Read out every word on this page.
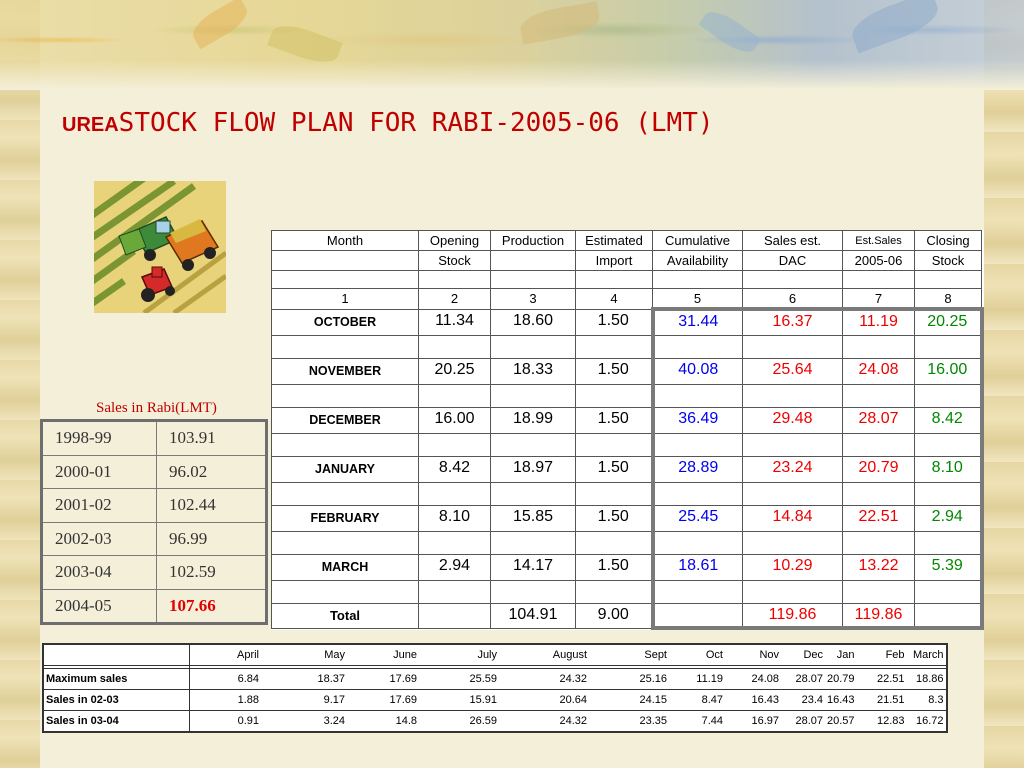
UREASTOCK FLOW PLAN FOR RABI-2005-06 (LMT)
Sales in Rabi(LMT)
1998-99	103.91
2000-01	96.02
2001-02	102.44
2002-03	96.99
2003-04	102.59
2004-05	107.66
Month	Opening	Production	Estimated	Cumulative	Sales est.	Est.Sales	Closing
	Stock		Import	Availability	DAC	2005-06	Stock

1	2	3	4	5	6	7	8
OCTOBER	11.34	18.60	1.50	31.44	16.37	11.19	20.25

NOVEMBER	20.25	18.33	1.50	40.08	25.64	24.08	16.00

DECEMBER	16.00	18.99	1.50	36.49	29.48	28.07	8.42

JANUARY	8.42	18.97	1.50	28.89	23.24	20.79	8.10

FEBRUARY	8.10	15.85	1.50	25.45	14.84	22.51	2.94

MARCH	2.94	14.17	1.50	18.61	10.29	13.22	5.39

Total		104.91	9.00		119.86	119.86	
	April	May	June	July	August	Sept	Oct	Nov	Dec	Jan	Feb	March

Maximum sales	6.84	18.37	17.69	25.59	24.32	25.16	11.19	24.08	28.07	20.79	22.51	18.86
Sales in 02-03	1.88	9.17	17.69	15.91	20.64	24.15	8.47	16.43	23.4	16.43	21.51	8.3
Sales in 03-04	0.91	3.24	14.8	26.59	24.32	23.35	7.44	16.97	28.07	20.57	12.83	16.72
